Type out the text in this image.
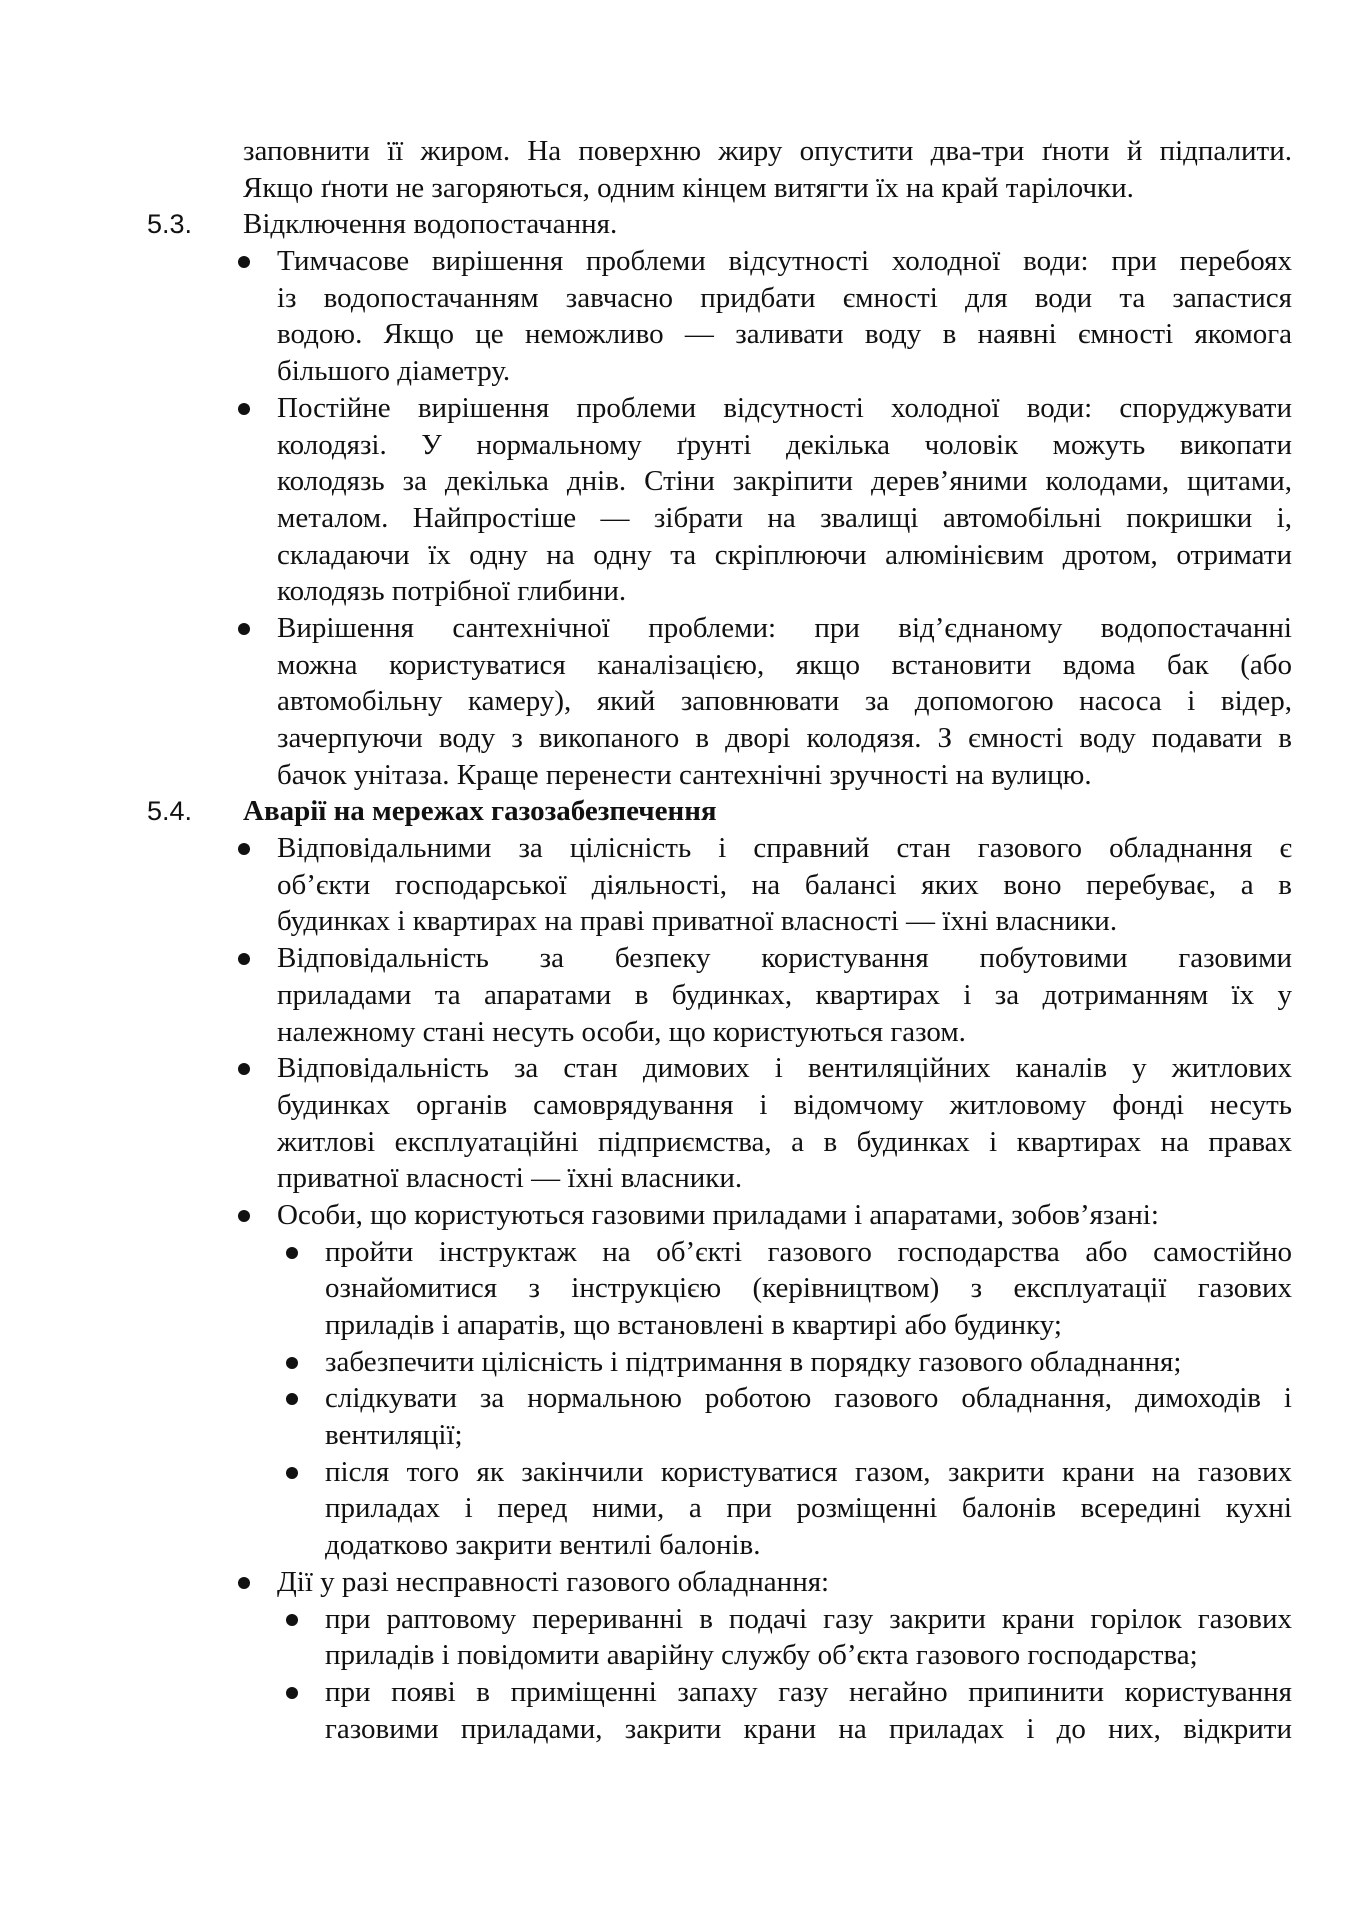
заповнити її жиром. На поверхню жиру опустити два-три ґноти й підпалити.
Якщо ґноти не загоряються, одним кінцем витягти їх на край тарілочки.
5.3. Відключення водопостачання.
Тимчасове вирішення проблеми відсутності холодної води: при перебоях
із водопостачанням завчасно придбати ємності для води та запастися
водою. Якщо це неможливо — заливати воду в наявні ємності якомога
більшого діаметру.
Постійне вирішення проблеми відсутності холодної води: споруджувати
колодязі. У нормальному ґрунті декілька чоловік можуть викопати
колодязь за декілька днів. Стіни закріпити дерев’яними колодами, щитами,
металом. Найпростіше — зібрати на звалищі автомобільні покришки і,
складаючи їх одну на одну та скріплюючи алюмінієвим дротом, отримати
колодязь потрібної глибини.
Вирішення сантехнічної проблеми: при від’єднаному водопостачанні
можна користуватися каналізацією, якщо встановити вдома бак (або
автомобільну камеру), який заповнювати за допомогою насоса і відер,
зачерпуючи воду з викопаного в дворі колодязя. З ємності воду подавати в
бачок унітаза. Краще перенести сантехнічні зручності на вулицю.
5.4. Аварії на мережах газозабезпечення
Відповідальними за цілісність і справний стан газового обладнання є
об’єкти господарської діяльності, на балансі яких воно перебуває, а в
будинках і квартирах на праві приватної власності — їхні власники.
Відповідальність за безпеку користування побутовими газовими
приладами та апаратами в будинках, квартирах і за дотриманням їх у
належному стані несуть особи, що користуються газом.
Відповідальність за стан димових і вентиляційних каналів у житлових
будинках органів самоврядування і відомчому житловому фонді несуть
житлові експлуатаційні підприємства, а в будинках і квартирах на правах
приватної власності — їхні власники.
Особи, що користуються газовими приладами і апаратами, зобов’язані:
пройти інструктаж на об’єкті газового господарства або самостійно
ознайомитися з інструкцією (керівництвом) з експлуатації газових
приладів і апаратів, що встановлені в квартирі або будинку;
забезпечити цілісність і підтримання в порядку газового обладнання;
слідкувати за нормальною роботою газового обладнання, димоходів і
вентиляції;
після того як закінчили користуватися газом, закрити крани на газових
приладах і перед ними, а при розміщенні балонів всередині кухні
додатково закрити вентилі балонів.
Дії у разі несправності газового обладнання:
при раптовому перериванні в подачі газу закрити крани горілок газових
приладів і повідомити аварійну службу об’єкта газового господарства;
при появі в приміщенні запаху газу негайно припинити користування
газовими приладами, закрити крани на приладах і до них, відкрити
